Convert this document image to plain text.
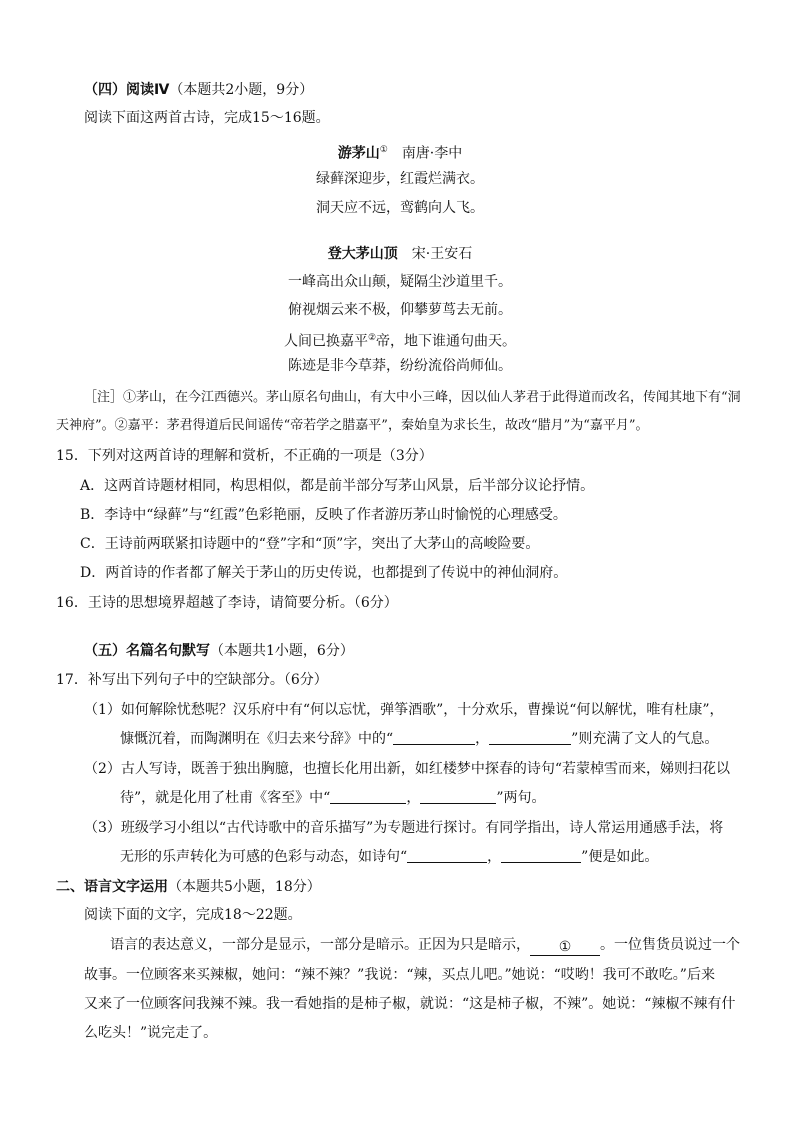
（四）阅读Ⅳ（本题共2小题，9分）
阅读下面这两首古诗，完成15～16题。
游茅山① 南唐·李中
绿藓深迎步，红霞烂满衣。
洞天应不远，鸾鹤向人飞。
登大茅山顶 宋·王安石
一峰高出众山颠，疑隔尘沙道里千。
俯视烟云来不极，仰攀萝茑去无前。
人间已换嘉平②帝，地下谁通句曲天。
陈迹是非今草莽，纷纷流俗尚师仙。
［注］①茅山，在今江西德兴。茅山原名句曲山，有大中小三峰，因以仙人茅君于此得道而改名，传闻其地下有“洞
天神府”。②嘉平：茅君得道后民间谣传“帝若学之腊嘉平”，秦始皇为求长生，故改“腊月”为“嘉平月”。
15．下列对这两首诗的理解和赏析，不正确的一项是（3分）
A．这两首诗题材相同，构思相似，都是前半部分写茅山风景，后半部分议论抒情。
B．李诗中“绿藓”与“红霞”色彩艳丽，反映了作者游历茅山时愉悦的心理感受。
C．王诗前两联紧扣诗题中的“登”字和“顶”字，突出了大茅山的高峻险要。
D．两首诗的作者都了解关于茅山的历史传说，也都提到了传说中的神仙洞府。
16．王诗的思想境界超越了李诗，请简要分析。（6分）
（五）名篇名句默写（本题共1小题，6分）
17．补写出下列句子中的空缺部分。（6分）
（1）如何解除忧愁呢？汉乐府中有“何以忘忧，弹筝酒歌”，十分欢乐，曹操说“何以解忧，唯有杜康”，
慷慨沉着，而陶渊明在《归去来兮辞》中的“	，	”则充满了文人的气息。
（2）古人写诗，既善于独出胸臆，也擅长化用出新，如红楼梦中探春的诗句“若蒙棹雪而来，娣则扫花以
待”，就是化用了杜甫《客至》中“	，	”两句。
（3）班级学习小组以“古代诗歌中的音乐描写”为专题进行探讨。有同学指出，诗人常运用通感手法，将
无形的乐声转化为可感的色彩与动态，如诗句“	，	”便是如此。
二、语言文字运用（本题共5小题，18分）
阅读下面的文字，完成18～22题。
语言的表达意义，一部分是显示，一部分是暗示。正因为只是暗示， ① 。一位售货员说过一个
故事。一位顾客来买辣椒，她问：“辣不辣？”我说：“辣，买点儿吧。”她说：“哎哟！我可不敢吃。”后来
又来了一位顾客问我辣不辣。我一看她指的是柿子椒，就说：“这是柿子椒，不辣”。她说：“辣椒不辣有什
么吃头！”说完走了。
